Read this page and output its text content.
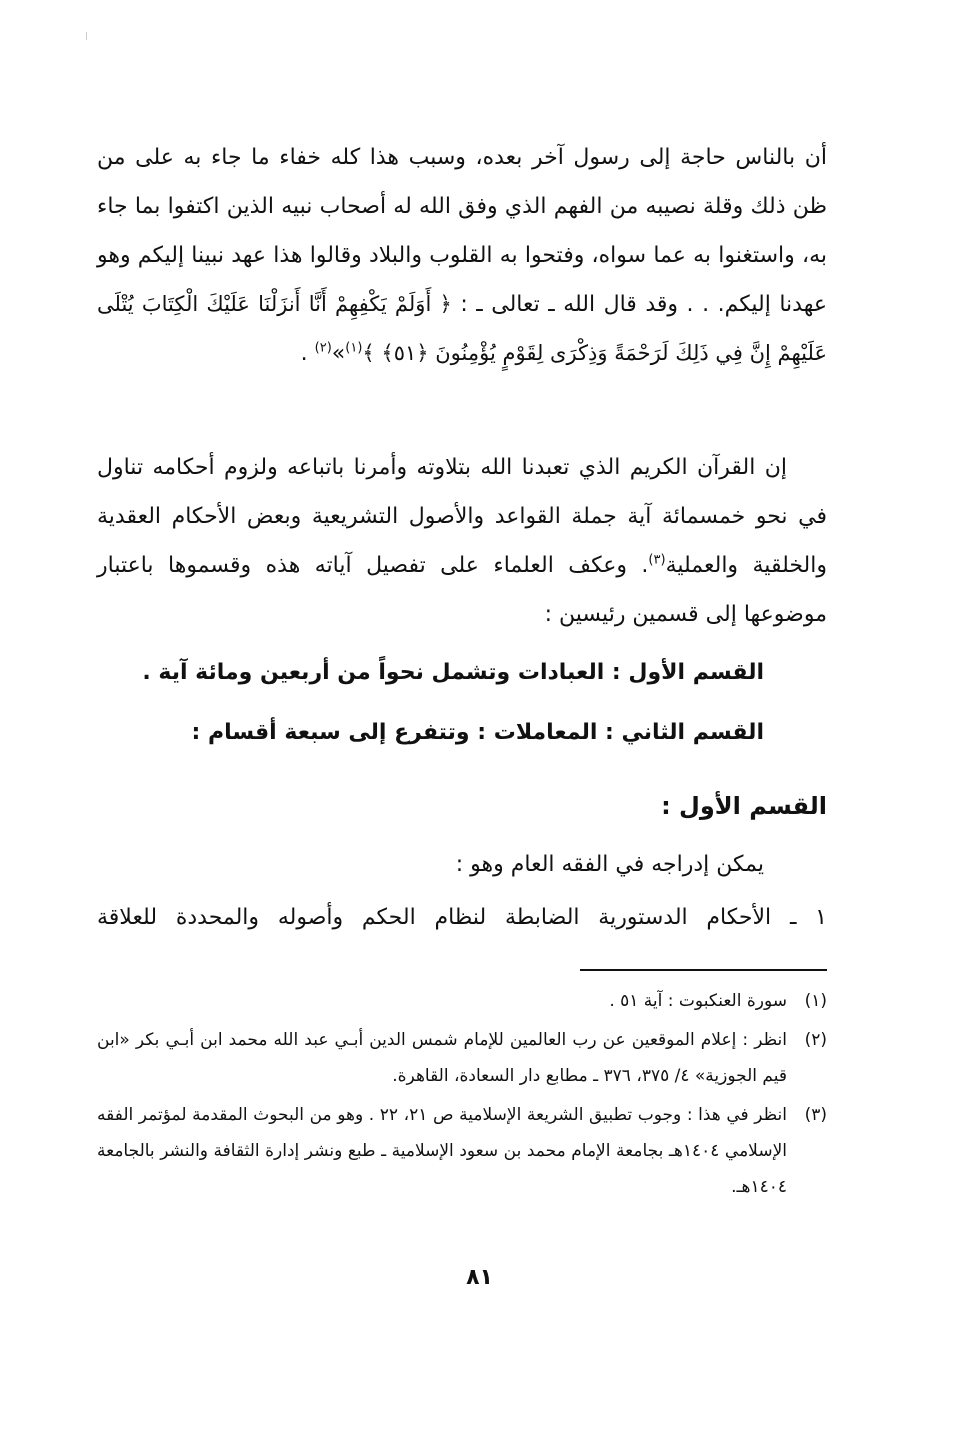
أن بالناس حاجة إلى رسول آخر بعده، وسبب هذا كله خفاء ما جاء به على من ظن ذلك وقلة نصيبه من الفهم الذي وفق الله له أصحاب نبيه الذين اكتفوا بما جاء به، واستغنوا به عما سواه، وفتحوا به القلوب والبلاد وقالوا هذا عهد نبينا إليكم وهو عهدنا إليكم. . . وقد قال الله ـ تعالى ـ : ﴿ أَوَلَمْ يَكْفِهِمْ أَنَّا أَنزَلْنَا عَلَيْكَ الْكِتَابَ يُتْلَى عَلَيْهِمْ إِنَّ فِي ذَلِكَ لَرَحْمَةً وَذِكْرَى لِقَوْمٍ يُؤْمِنُونَ ﴿٥١﴾ ﴾$^{(١)}$»$^{(٢)}$ .

إن القرآن الكريم الذي تعبدنا الله بتلاوته وأمرنا باتباعه ولزوم أحكامه تناول في نحو خمسمائة آية جملة القواعد والأصول التشريعية وبعض الأحكام العقدية والخلقية والعملية$^{(٣)}$. وعكف العلماء على تفصيل آياته هذه وقسموها باعتبار موضوعها إلى قسمين رئيسين :

القسم الأول : العبادات وتشمل نحواً من أربعين ومائة آية .

القسم الثاني : المعاملات : وتتفرع إلى سبعة أقسام :

القسم الأول :

يمكن إدراجه في الفقه العام وهو :

١ ـ الأحكام الدستورية الضابطة لنظام الحكم وأصوله والمحددة للعلاقة

(١)
سورة العنكبوت : آية ٥١ .

(٢)
انظر : إعلام الموقعين عن رب العالمين للإمام شمس الدين أبـي عبد الله محمد ابن أبـي بكر «ابن قيم الجوزية» ٤/ ٣٧٥، ٣٧٦ ـ مطابع دار السعادة، القاهرة.

(٣)
انظر في هذا : وجوب تطبيق الشريعة الإسلامية ص ٢١، ٢٢ . وهو من البحوث المقدمة لمؤتمر الفقه الإسلامي ١٤٠٤هـ بجامعة الإمام محمد بن سعود الإسلامية ـ طبع ونشر إدارة الثقافة والنشر بالجامعة ١٤٠٤هـ.

٨١
